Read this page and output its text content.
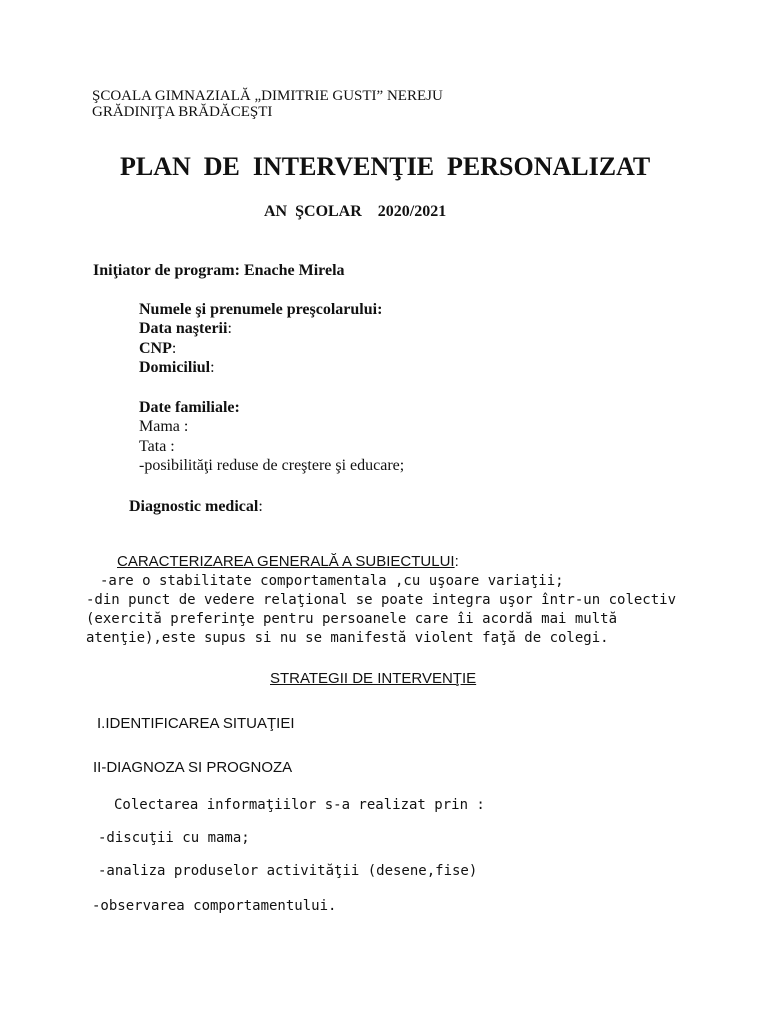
ŞCOALA GIMNAZIALĂ „DIMITRIE GUSTI” NEREJU
GRĂDINIŢA BRĂDĂCEŞTI
PLAN  DE  INTERVENŢIE  PERSONALIZAT
AN  ŞCOLAR    2020/2021
Iniţiator de program: Enache Mirela
Numele şi prenumele preşcolarului:
Data naşterii:
CNP:
Domiciliul:
Date familiale:
Mama :
Tata :
-posibilităţi reduse de creştere şi educare;
Diagnostic medical:
CARACTERIZAREA GENERALĂ A SUBIECTULUI:
-are o stabilitate comportamentala ,cu uşoare variaţii;
-din punct de vedere relaţional se poate integra uşor într-un colectiv
(exercită preferinţe pentru persoanele care îi acordă mai multă
atenţie),este supus si nu se manifestă violent faţă de colegi.
STRATEGII DE INTERVENŢIE
I.IDENTIFICAREA SITUAŢIEI
II-DIAGNOZA SI PROGNOZA
Colectarea informaţiilor s-a realizat prin :
-discuţii cu mama;
-analiza produselor activităţii (desene,fise)
-observarea comportamentului.
